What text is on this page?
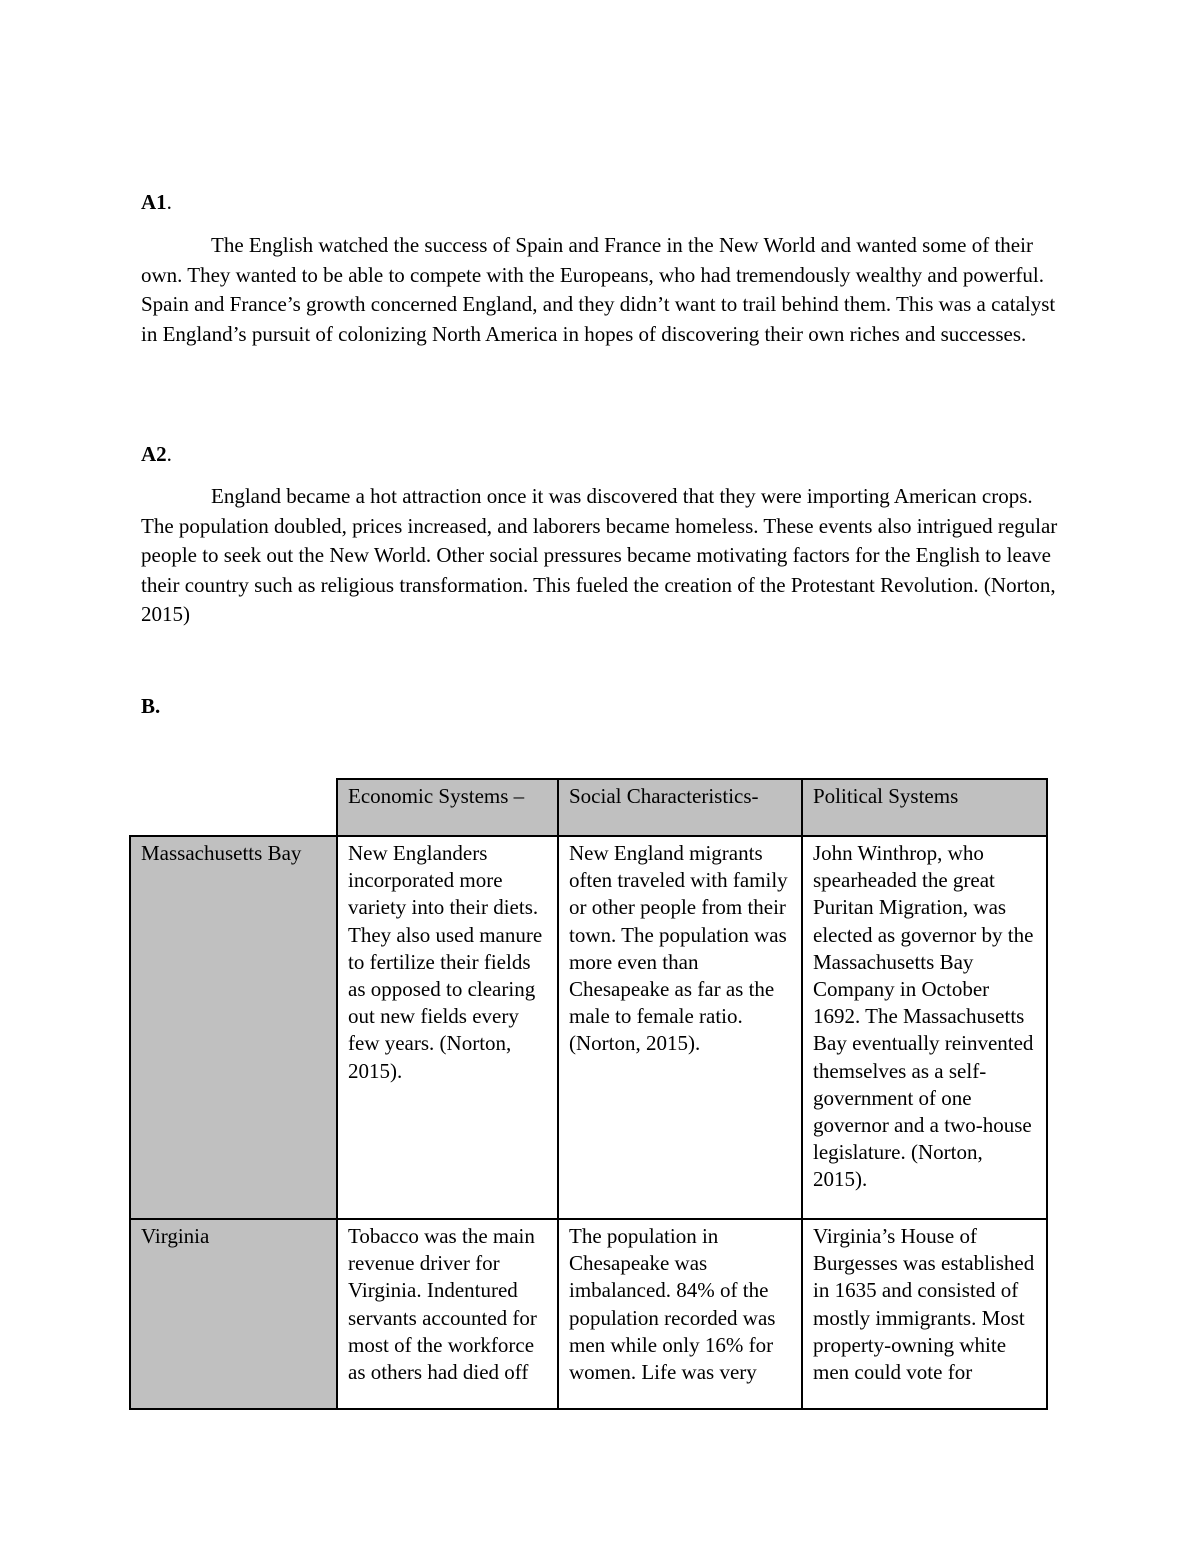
A1.

The English watched the success of Spain and France in the New World and wanted some of their own. They wanted to be able to compete with the Europeans, who had tremendously wealthy and powerful. Spain and France’s growth concerned England, and they didn’t want to trail behind them. This was a catalyst in England’s pursuit of colonizing North America in hopes of discovering their own riches and successes.

A2.

England became a hot attraction once it was discovered that they were importing American crops. The population doubled, prices increased, and laborers became homeless. These events also intrigued regular people to seek out the New World. Other social pressures became motivating factors for the English to leave their country such as religious transformation. This fueled the creation of the Protestant Revolution. (Norton, 2015)

B.

	Economic Systems –	Social Characteristics-	Political Systems

Massachusetts Bay	New Englanders incorporated more variety into their diets. They also used manure to fertilize their fields as opposed to clearing out new fields every few years. (Norton, 2015).	New England migrants often traveled with family or other people from their town. The population was more even than Chesapeake as far as the male to female ratio. (Norton, 2015).	John Winthrop, who spearheaded the great Puritan Migration, was elected as governor by the Massachusetts Bay Company in October 1692. The Massachusetts Bay eventually reinvented themselves as a self-government of one governor and a two-house legislature. (Norton, 2015).

Virginia	Tobacco was the main revenue driver for Virginia. Indentured servants accounted for most of the workforce as others had died off	The population in Chesapeake was imbalanced. 84% of the population recorded was men while only 16% for women. Life was very	Virginia’s House of Burgesses was established in 1635 and consisted of mostly immigrants. Most property-owning white men could vote for
